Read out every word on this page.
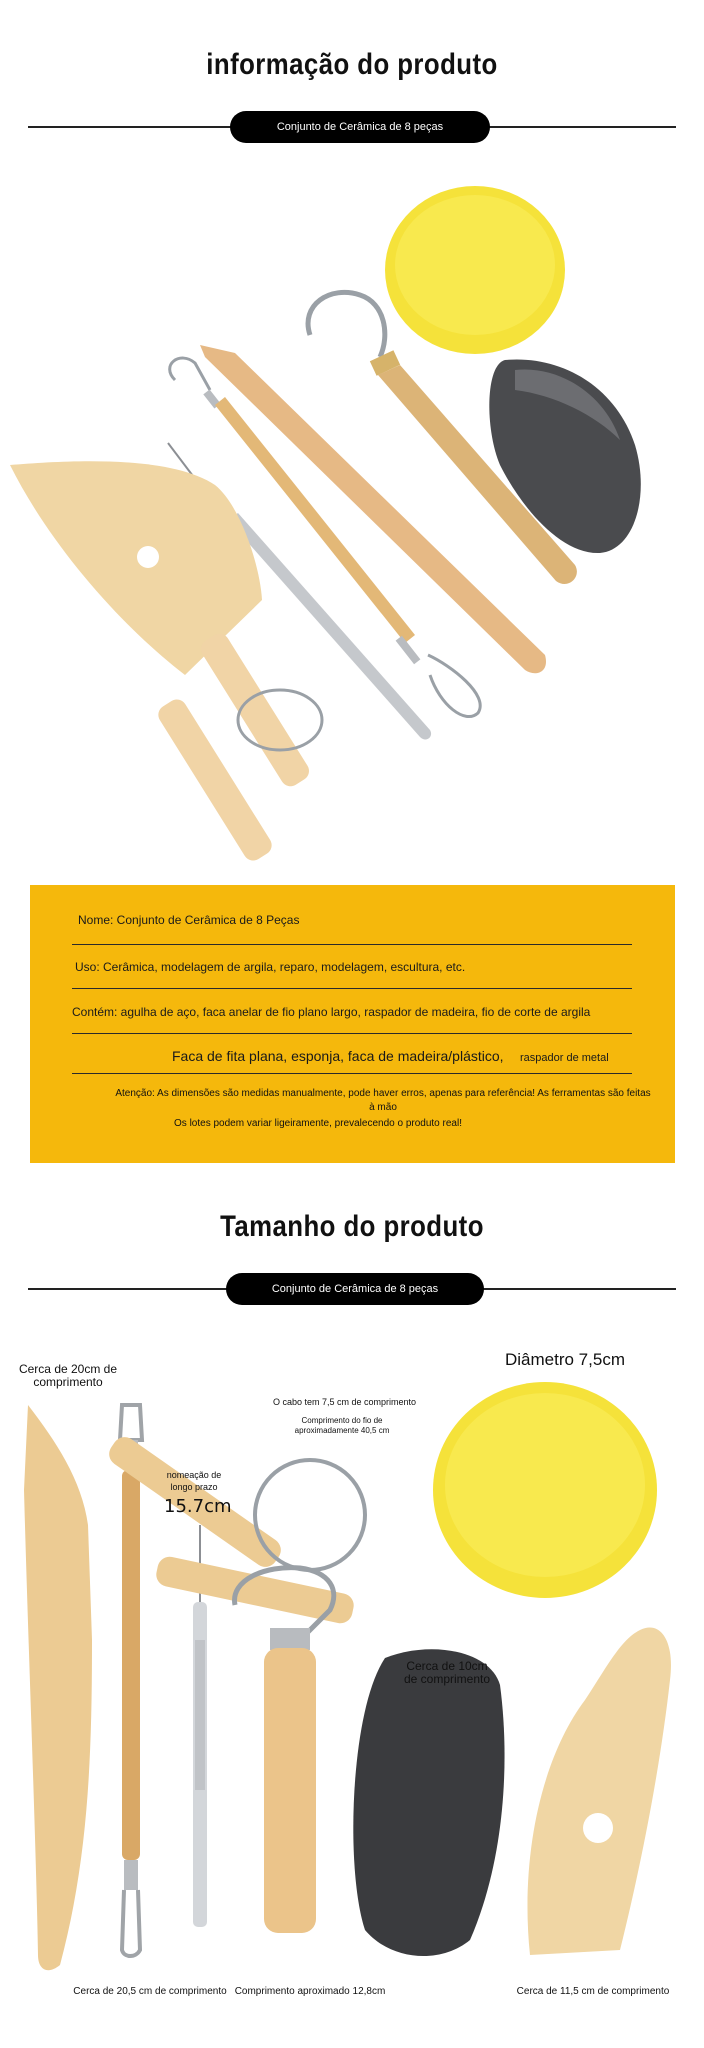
informação do produto
Conjunto de Cerâmica de 8 peças
Nome: Conjunto de Cerâmica de 8 Peças
Uso: Cerâmica, modelagem de argila, reparo, modelagem, escultura, etc.
Contém: agulha de aço, faca anelar de fio plano largo, raspador de madeira, fio de corte de argila
Faca de fita plana, esponja, faca de madeira/plástico, raspador de metal
Atenção: As dimensões são medidas manualmente, pode haver erros, apenas para referência! As ferramentas são feitas
à mão
Os lotes podem variar ligeiramente, prevalecendo o produto real!
Tamanho do produto
Conjunto de Cerâmica de 8 peças
Cerca de 20cm de comprimento
Cerca de 20,5 cm de comprimento
nomeação de longo prazo
15.7cm
O cabo tem 7,5 cm de comprimento
Comprimento do fio de aproximadamente 40,5 cm
Diâmetro 7,5cm
Cerca de 10cm de comprimento
Comprimento aproximado 12,8cm	Cerca de 11,5 cm de comprimento
